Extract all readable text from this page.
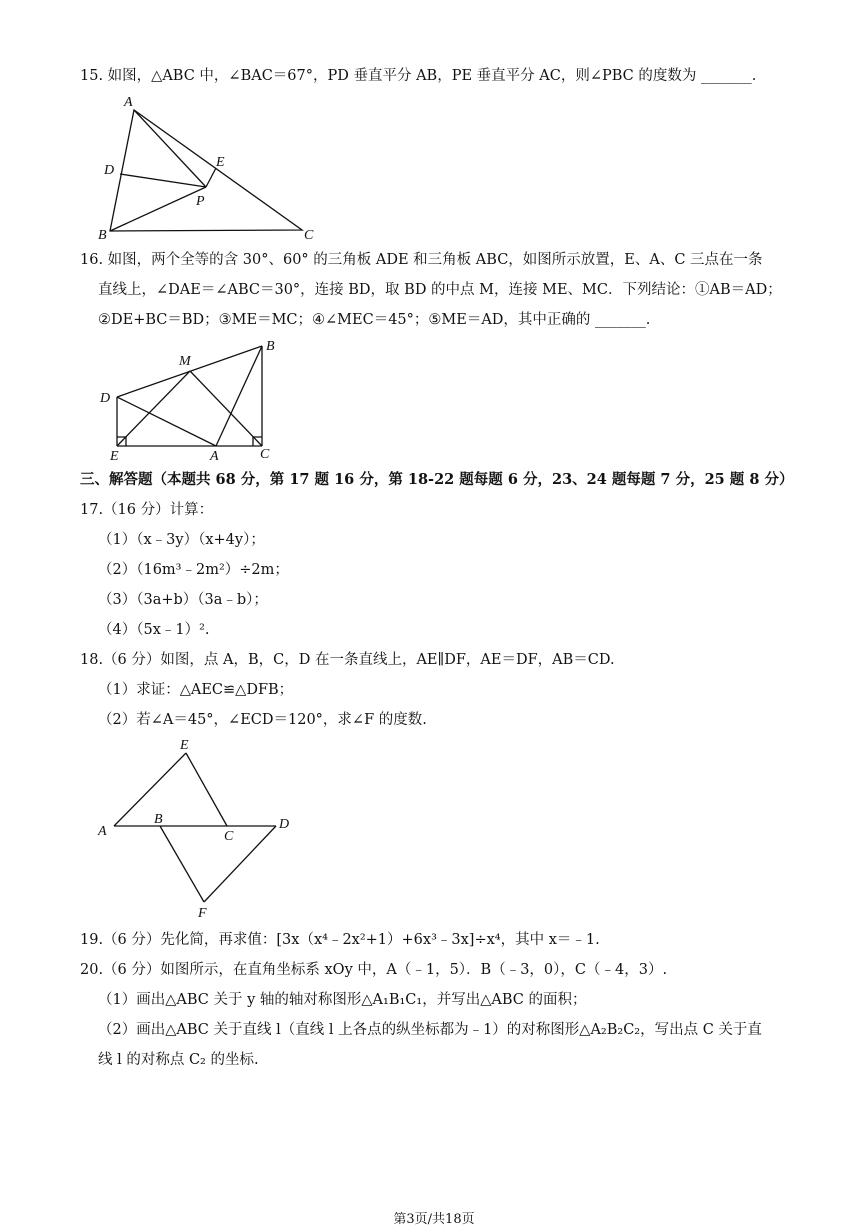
15. 如图，△ABC 中，∠BAC＝67°，PD 垂直平分 AB，PE 垂直平分 AC，则∠PBC 的度数为 _______.
A
B	C
D
E
P
16. 如图，两个全等的含 30°、60° 的三角板 ADE 和三角板 ABC，如图所示放置，E、A、C 三点在一条
直线上，∠DAE＝∠ABC＝30°，连接 BD，取 BD 的中点 M，连接 ME、MC．下列结论：①AB＝AD；
②DE+BC＝BD；③ME＝MC；④∠MEC＝45°；⑤ME＝AD，其中正确的 _______.
M
B
D
E	A	C
三、解答题（本题共 68 分，第 17 题 16 分，第 18-22 题每题 6 分，23、24 题每题 7 分，25 题 8 分）
17.（16 分）计算：
（1）（x﹣3y）（x+4y）；
（2）（16m³﹣2m²）÷2m；
（3）（3a+b）（3a﹣b）；
（4）（5x﹣1）².
18.（6 分）如图，点 A，B，C，D 在一条直线上，AE∥DF，AE＝DF，AB＝CD.
（1）求证：△AEC≌△DFB；
（2）若∠A＝45°，∠ECD＝120°，求∠F 的度数.
E
A
B
C
D
F
19.（6 分）先化简，再求值：[3x（x⁴﹣2x²+1）+6x³﹣3x]÷x⁴，其中 x＝﹣1.
20.（6 分）如图所示，在直角坐标系 xOy 中，A（﹣1，5）．B（﹣3，0），C（﹣4，3）.
（1）画出△ABC 关于 y 轴的轴对称图形△A₁B₁C₁，并写出△ABC 的面积；
（2）画出△ABC 关于直线 l（直线 l 上各点的纵坐标都为﹣1）的对称图形△A₂B₂C₂，写出点 C 关于直
线 l 的对称点 C₂ 的坐标.
第3页/共18页
